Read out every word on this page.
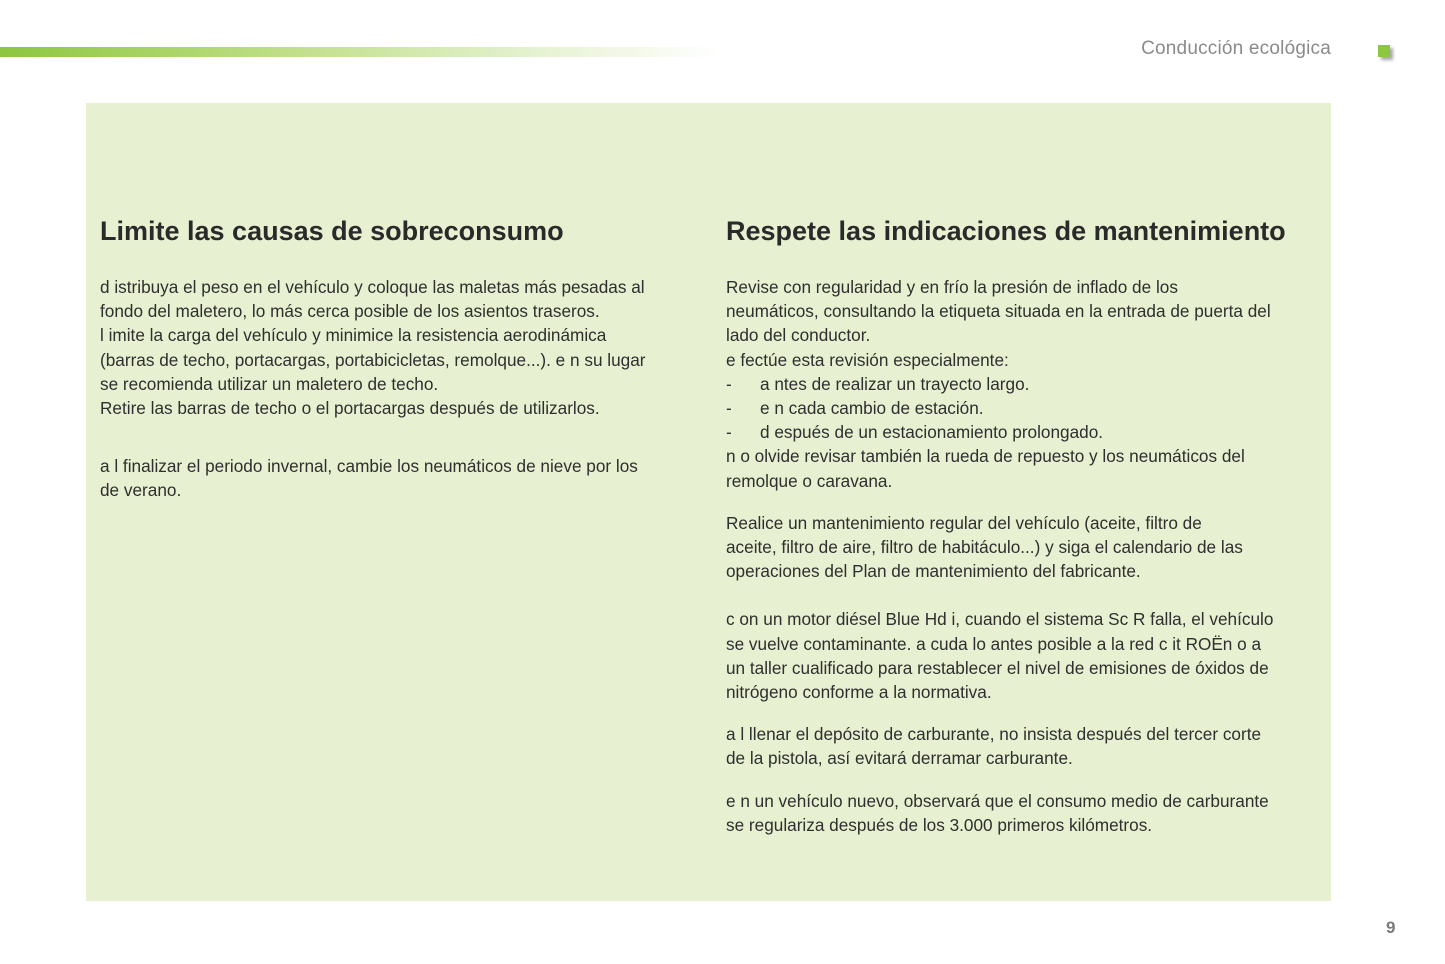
Conducción ecológica
Limite las causas de sobreconsumo

d istribuya el peso en el vehículo y coloque las maletas más pesadas al
fondo del maletero, lo más cerca posible de los asientos traseros.
l imite la carga del vehículo y minimice la resistencia aerodinámica
(barras de techo, portacargas, portabicicletas, remolque...). e n su lugar
se recomienda utilizar un maletero de techo.
Retire las barras de techo o el portacargas después de utilizarlos.

a l finalizar el periodo invernal, cambie los neumáticos de nieve por los
de verano.

Respete las indicaciones de mantenimiento

Revise con regularidad y en frío la presión de inflado de los
neumáticos, consultando la etiqueta situada en la entrada de puerta del
lado del conductor.
e fectúe esta revisión especialmente:

-	a ntes de realizar un trayecto largo.
-	e n cada cambio de estación.
-	d espués de un estacionamiento prolongado.

n o olvide revisar también la rueda de repuesto y los neumáticos del
remolque o caravana.

Realice un mantenimiento regular del vehículo (aceite, filtro de
aceite, filtro de aire, filtro de habitáculo...) y siga el calendario de las
operaciones del Plan de mantenimiento del fabricante.

c on un motor diésel Blue Hd i, cuando el sistema Sc R falla, el vehículo
se vuelve contaminante. a cuda lo antes posible a la red c it ROËn o a
un taller cualificado para restablecer el nivel de emisiones de óxidos de
nitrógeno conforme a la normativa.

a l llenar el depósito de carburante, no insista después del tercer corte
de la pistola, así evitará derramar carburante.

e n un vehículo nuevo, observará que el consumo medio de carburante
se regulariza después de los 3.000 primeros kilómetros.

9
